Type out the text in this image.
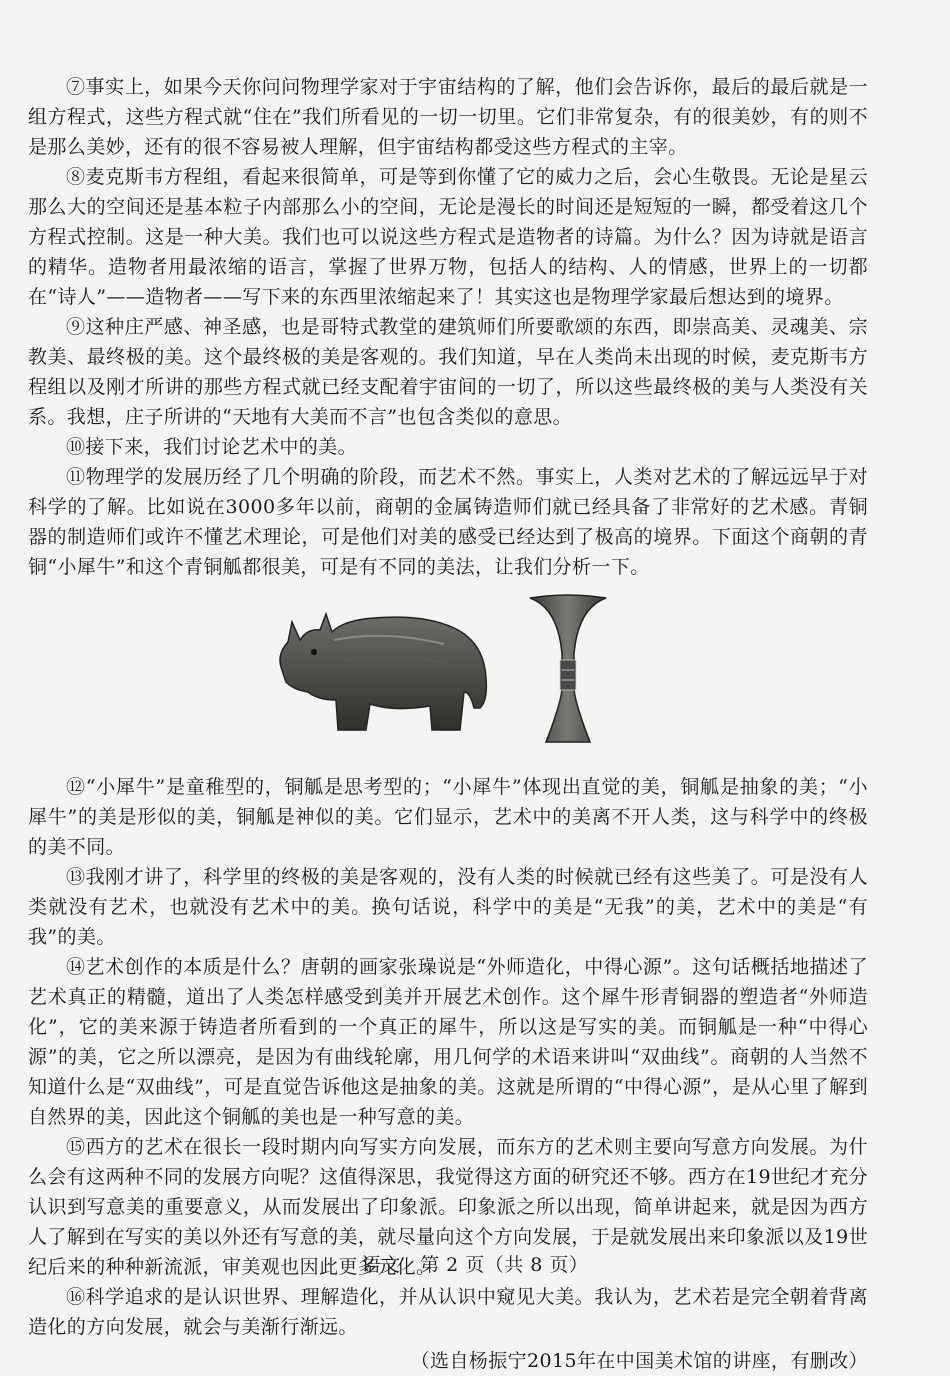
⑦事实上，如果今天你问问物理学家对于宇宙结构的了解，他们会告诉你，最后的最后就是一组方程式，这些方程式就“住在”我们所看见的一切一切里。它们非常复杂，有的很美妙，有的则不是那么美妙，还有的很不容易被人理解，但宇宙结构都受这些方程式的主宰。

⑧麦克斯韦方程组，看起来很简单，可是等到你懂了它的威力之后，会心生敬畏。无论是星云那么大的空间还是基本粒子内部那么小的空间，无论是漫长的时间还是短短的一瞬，都受着这几个方程式控制。这是一种大美。我们也可以说这些方程式是造物者的诗篇。为什么？因为诗就是语言的精华。造物者用最浓缩的语言，掌握了世界万物，包括人的结构、人的情感，世界上的一切都在“诗人”——造物者——写下来的东西里浓缩起来了！其实这也是物理学家最后想达到的境界。

⑨这种庄严感、神圣感，也是哥特式教堂的建筑师们所要歌颂的东西，即崇高美、灵魂美、宗教美、最终极的美。这个最终极的美是客观的。我们知道，早在人类尚未出现的时候，麦克斯韦方程组以及刚才所讲的那些方程式就已经支配着宇宙间的一切了，所以这些最终极的美与人类没有关系。我想，庄子所讲的“天地有大美而不言”也包含类似的意思。

⑩接下来，我们讨论艺术中的美。

⑪物理学的发展历经了几个明确的阶段，而艺术不然。事实上，人类对艺术的了解远远早于对科学的了解。比如说在3000多年以前，商朝的金属铸造师们就已经具备了非常好的艺术感。青铜器的制造师们或许不懂艺术理论，可是他们对美的感受已经达到了极高的境界。下面这个商朝的青铜“小犀牛”和这个青铜觚都很美，可是有不同的美法，让我们分析一下。

⑫“小犀牛”是童稚型的，铜觚是思考型的；“小犀牛”体现出直觉的美，铜觚是抽象的美；“小犀牛”的美是形似的美，铜觚是神似的美。它们显示，艺术中的美离不开人类，这与科学中的终极的美不同。

⑬我刚才讲了，科学里的终极的美是客观的，没有人类的时候就已经有这些美了。可是没有人类就没有艺术，也就没有艺术中的美。换句话说，科学中的美是“无我”的美，艺术中的美是“有我”的美。

⑭艺术创作的本质是什么？唐朝的画家张璪说是“外师造化，中得心源”。这句话概括地描述了艺术真正的精髓，道出了人类怎样感受到美并开展艺术创作。这个犀牛形青铜器的塑造者“外师造化”，它的美来源于铸造者所看到的一个真正的犀牛，所以这是写实的美。而铜觚是一种“中得心源”的美，它之所以漂亮，是因为有曲线轮廓，用几何学的术语来讲叫“双曲线”。商朝的人当然不知道什么是“双曲线”，可是直觉告诉他这是抽象的美。这就是所谓的“中得心源”，是从心里了解到自然界的美，因此这个铜觚的美也是一种写意的美。

⑮西方的艺术在很长一段时期内向写实方向发展，而东方的艺术则主要向写意方向发展。为什么会有这两种不同的发展方向呢？这值得深思，我觉得这方面的研究还不够。西方在19世纪才充分认识到写意美的重要意义，从而发展出了印象派。印象派之所以出现，简单讲起来，就是因为西方人了解到在写实的美以外还有写意的美，就尽量向这个方向发展，于是就发展出来印象派以及19世纪后来的种种新流派，审美观也因此更多元化。

⑯科学追求的是认识世界、理解造化，并从认识中窥见大美。我认为，艺术若是完全朝着背离造化的方向发展，就会与美渐行渐远。

（选自杨振宁2015年在中国美术馆的讲座，有删改）
语文　第 2 页（共 8 页）
